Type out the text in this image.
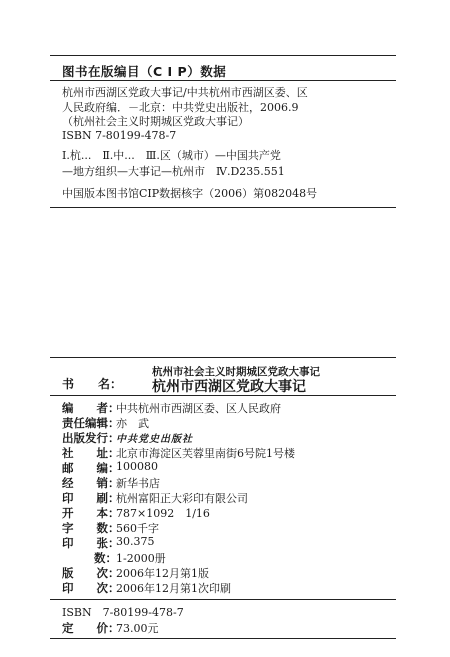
图书在版编目（C I P）数据
杭州市西湖区党政大事记/中共杭州市西湖区委、区
人民政府编．－北京：中共党史出版社，2006.9
（杭州社会主义时期城区党政大事记）
ISBN 7-80199-478-7
Ⅰ.杭...　Ⅱ.中...　Ⅲ.区（城市）—中国共产党
—地方组织—大事记—杭州市　Ⅳ.D235.551
中国版本图书馆CIP数据核字（2006）第082048号
杭州市社会主义时期城区党政大事记
书　　名： 杭州市西湖区党政大事记
编　　者：
中共杭州市西湖区委、区人民政府
责任编辑：
亦　武
出版发行：
中共党史出版社
社　　址：
北京市海淀区芙蓉里南街6号院1号楼
邮　　编：
100080
经　　销：
新华书店
印　　刷：
杭州富阳正大彩印有限公司
开　　本：
787×1092　1/16
字　　数：
560千字
印　　张：
30.375
数： 1-2000册
版　　次：
2006年12月第1版
印　　次：
2006年12月第1次印刷
ISBN　7-80199-478-7
定　　价：
73.00元
